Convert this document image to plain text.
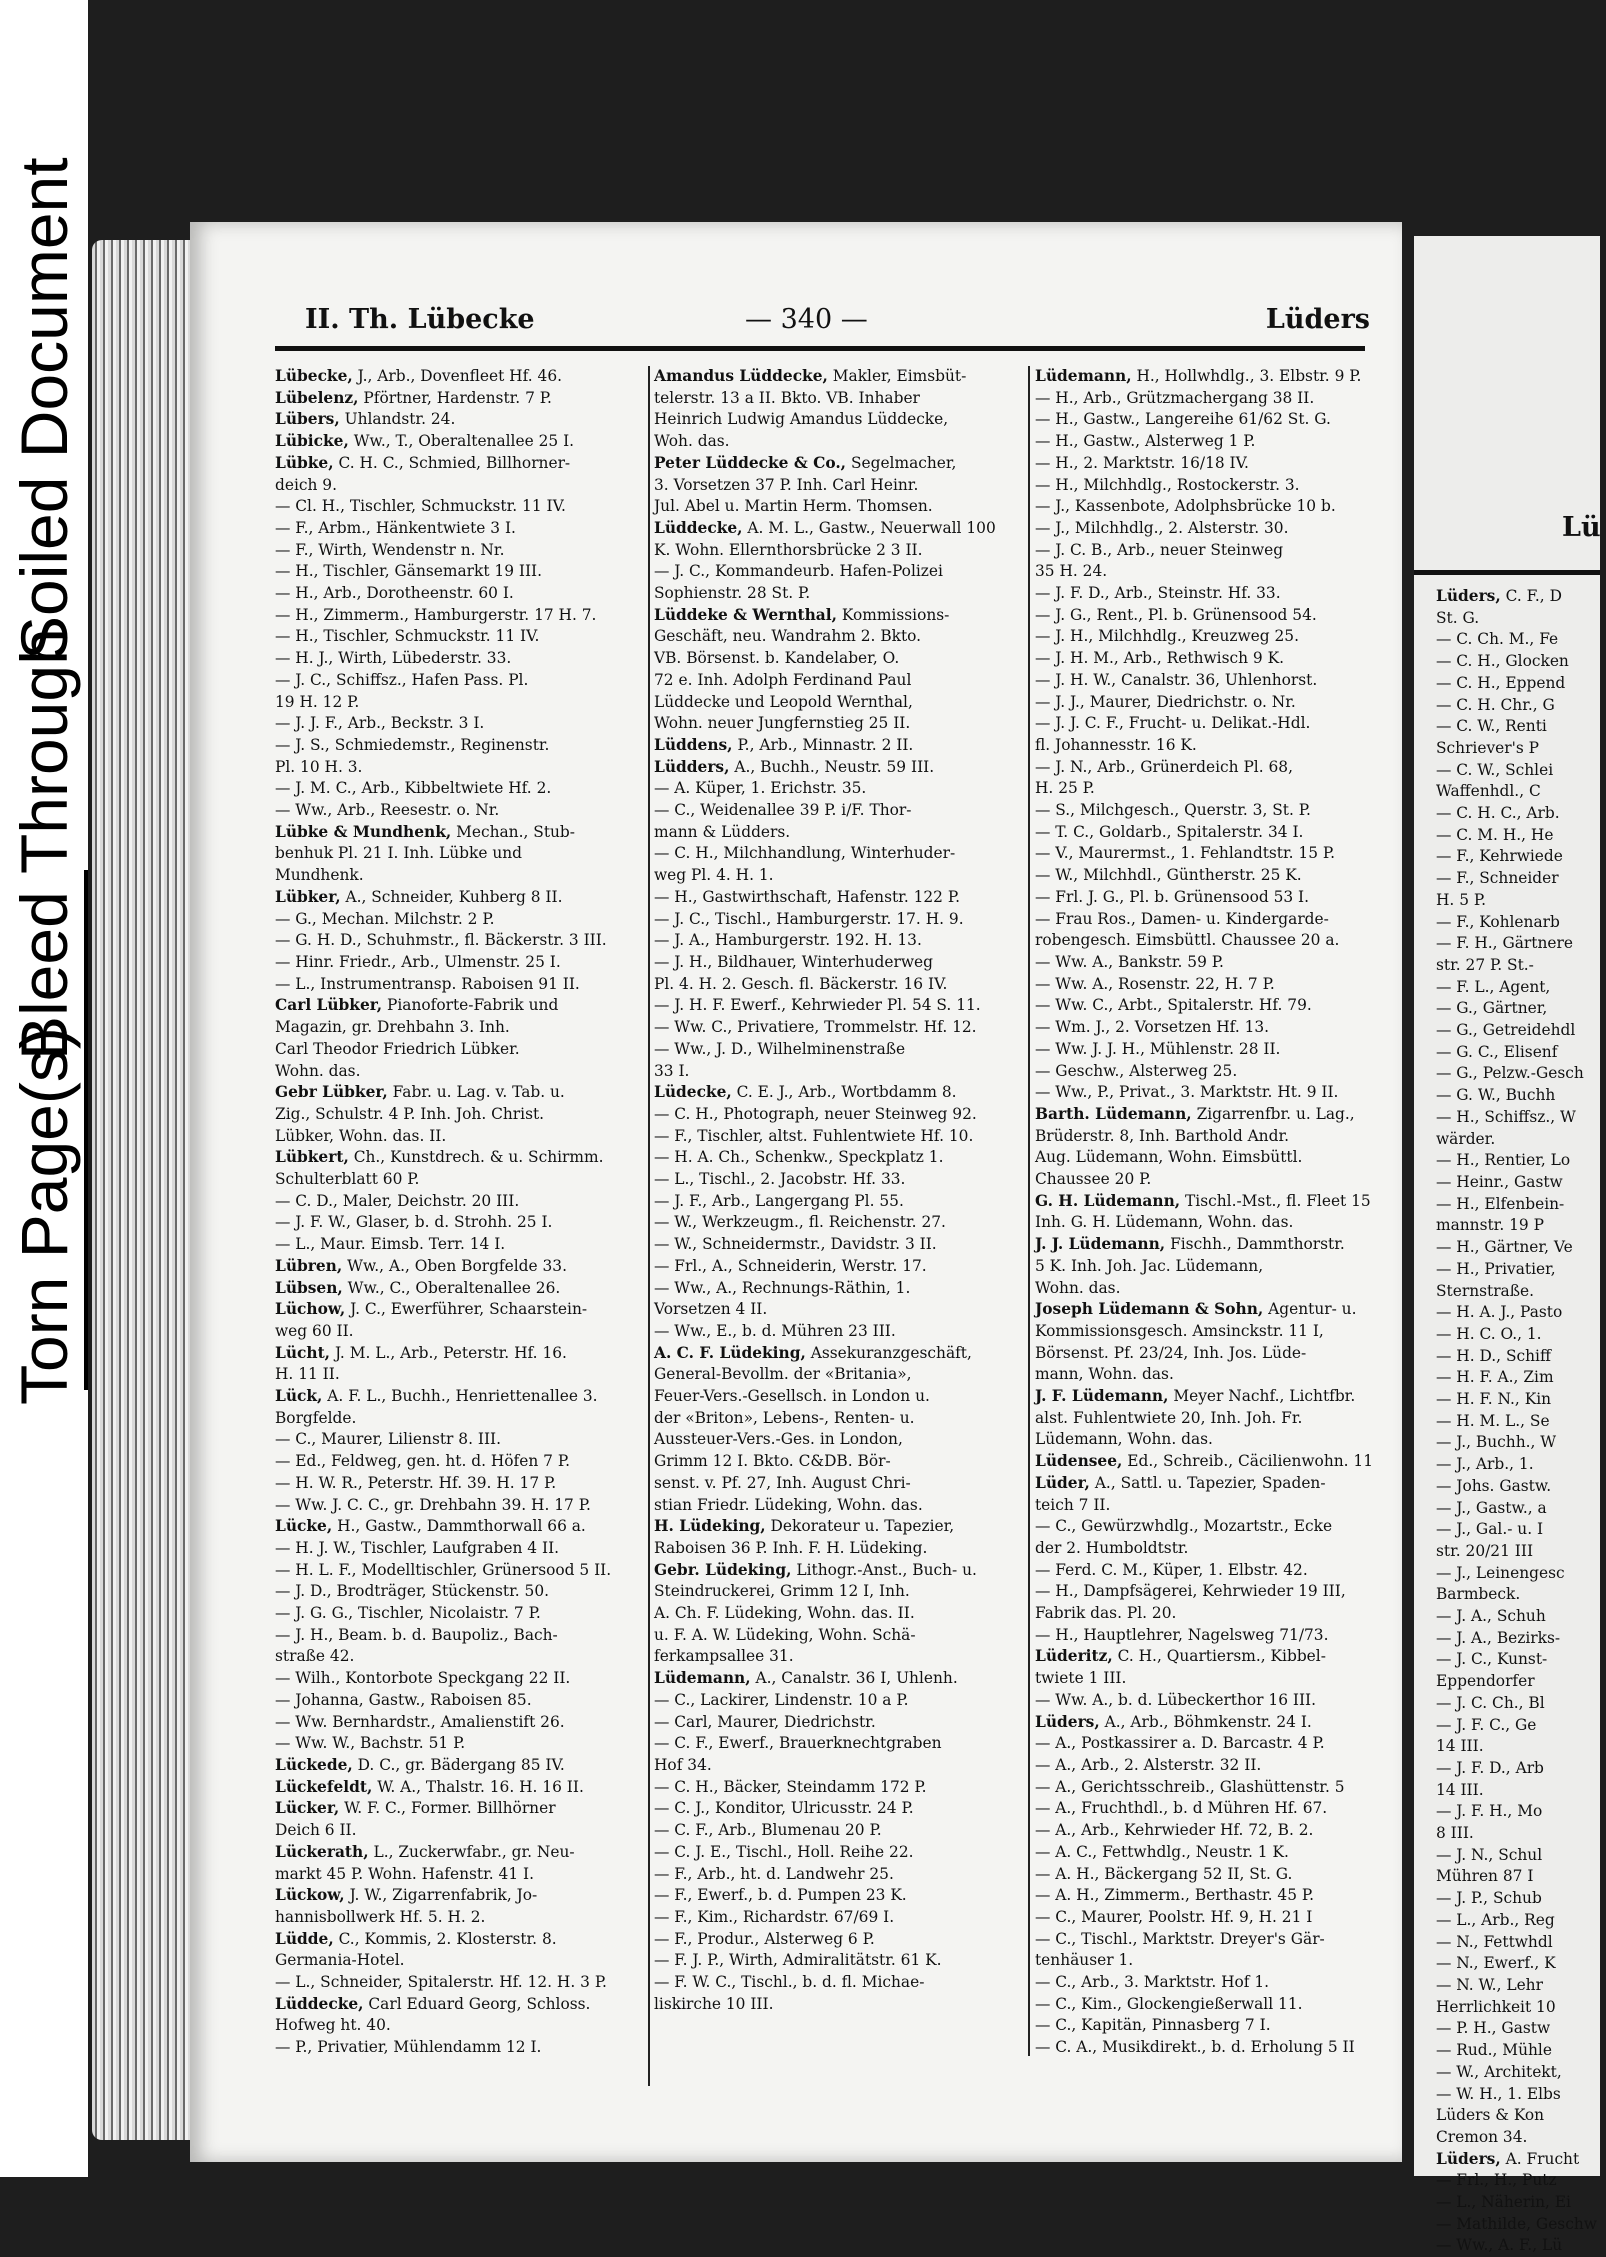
Torn Page(s)
Bleed Through
Soiled Document	II. Th. Lübecke	— 340 —	Lüders
Lübecke, J., Arb., Dovenfleet Hf. 46.
Lübelenz, Pförtner, Hardenstr. 7 P.
Lübers, Uhlandstr. 24.
Lübicke, Ww., T., Oberaltenallee 25 I.
Lübke, C. H. C., Schmied, Billhorner-
deich 9.
— Cl. H., Tischler, Schmuckstr. 11 IV.
— F., Arbm., Hänkentwiete 3 I.
— F., Wirth, Wendenstr n. Nr.
— H., Tischler, Gänsemarkt 19 III.
— H., Arb., Dorotheenstr. 60 I.
— H., Zimmerm., Hamburgerstr. 17 H. 7.
— H., Tischler, Schmuckstr. 11 IV.
— H. J., Wirth, Lübederstr. 33.
— J. C., Schiffsz., Hafen Pass. Pl.
19 H. 12 P.
— J. J. F., Arb., Beckstr. 3 I.
— J. S., Schmiedemstr., Reginenstr.
Pl. 10 H. 3.
— J. M. C., Arb., Kibbeltwiete Hf. 2.
— Ww., Arb., Reesestr. o. Nr.
Lübke & Mundhenk, Mechan., Stub-
benhuk Pl. 21 I. Inh. Lübke und
Mundhenk.
Lübker, A., Schneider, Kuhberg 8 II.
— G., Mechan. Milchstr. 2 P.
— G. H. D., Schuhmstr., fl. Bäckerstr. 3 III.
— Hinr. Friedr., Arb., Ulmenstr. 25 I.
— L., Instrumentransp. Raboisen 91 II.
Carl Lübker, Pianoforte-Fabrik und
Magazin, gr. Drehbahn 3. Inh.
Carl Theodor Friedrich Lübker.
Wohn. das.
Gebr Lübker, Fabr. u. Lag. v. Tab. u.
Zig., Schulstr. 4 P. Inh. Joh. Christ.
Lübker, Wohn. das. II.
Lübkert, Ch., Kunstdrech. & u. Schirmm.
Schulterblatt 60 P.
— C. D., Maler, Deichstr. 20 III.
— J. F. W., Glaser, b. d. Strohh. 25 I.
— L., Maur. Eimsb. Terr. 14 I.
Lübren, Ww., A., Oben Borgfelde 33.
Lübsen, Ww., C., Oberaltenallee 26.
Lüchow, J. C., Ewerführer, Schaarstein-
weg 60 II.
Lücht, J. M. L., Arb., Peterstr. Hf. 16.
H. 11 II.
Lück, A. F. L., Buchh., Henriettenallee 3.
Borgfelde.
— C., Maurer, Lilienstr 8. III.
— Ed., Feldweg, gen. ht. d. Höfen 7 P.
— H. W. R., Peterstr. Hf. 39. H. 17 P.
— Ww. J. C. C., gr. Drehbahn 39. H. 17 P.
Lücke, H., Gastw., Dammthorwall 66 a.
— H. J. W., Tischler, Laufgraben 4 II.
— H. L. F., Modelltischler, Grünersood 5 II.
— J. D., Brodträger, Stückenstr. 50.
— J. G. G., Tischler, Nicolaistr. 7 P.
— J. H., Beam. b. d. Baupoliz., Bach-
straße 42.
— Wilh., Kontorbote Speckgang 22 II.
— Johanna, Gastw., Raboisen 85.
— Ww. Bernhardstr., Amalienstift 26.
— Ww. W., Bachstr. 51 P.
Lückede, D. C., gr. Bädergang 85 IV.
Lückefeldt, W. A., Thalstr. 16. H. 16 II.
Lücker, W. F. C., Former. Billhörner
Deich 6 II.
Lückerath, L., Zuckerwfabr., gr. Neu-
markt 45 P. Wohn. Hafenstr. 41 I.
Lückow, J. W., Zigarrenfabrik, Jo-
hannisbollwerk Hf. 5. H. 2.
Lüdde, C., Kommis, 2. Klosterstr. 8.
Germania-Hotel.
— L., Schneider, Spitalerstr. Hf. 12. H. 3 P.
Lüddecke, Carl Eduard Georg, Schloss.
Hofweg ht. 40.
— P., Privatier, Mühlendamm 12 I.
Amandus Lüddecke, Makler, Eimsbüt-
telerstr. 13 a II. Bkto. VB. Inhaber
Heinrich Ludwig Amandus Lüddecke,
Woh. das.
Peter Lüddecke & Co., Segelmacher,
3. Vorsetzen 37 P. Inh. Carl Heinr.
Jul. Abel u. Martin Herm. Thomsen.
Lüddecke, A. M. L., Gastw., Neuerwall 100
K. Wohn. Ellernthorsbrücke 2 3 II.
— J. C., Kommandeurb. Hafen-Polizei
Sophienstr. 28 St. P.
Lüddeke & Wernthal, Kommissions-
Geschäft, neu. Wandrahm 2. Bkto.
VB. Börsenst. b. Kandelaber, O.
72 e. Inh. Adolph Ferdinand Paul
Lüddecke und Leopold Wernthal,
Wohn. neuer Jungfernstieg 25 II.
Lüddens, P., Arb., Minnastr. 2 II.
Lüdders, A., Buchh., Neustr. 59 III.
— A. Küper, 1. Erichstr. 35.
— C., Weidenallee 39 P. i/F. Thor-
mann & Lüdders.
— C. H., Milchhandlung, Winterhuder-
weg Pl. 4. H. 1.
— H., Gastwirthschaft, Hafenstr. 122 P.
— J. C., Tischl., Hamburgerstr. 17. H. 9.
— J. A., Hamburgerstr. 192. H. 13.
— J. H., Bildhauer, Winterhuderweg
Pl. 4. H. 2. Gesch. fl. Bäckerstr. 16 IV.
— J. H. F. Ewerf., Kehrwieder Pl. 54 S. 11.
— Ww. C., Privatiere, Trommelstr. Hf. 12.
— Ww., J. D., Wilhelminenstraße
33 I.
Lüdecke, C. E. J., Arb., Wortbdamm 8.
— C. H., Photograph, neuer Steinweg 92.
— F., Tischler, altst. Fuhlentwiete Hf. 10.
— H. A. Ch., Schenkw., Speckplatz 1.
— L., Tischl., 2. Jacobstr. Hf. 33.
— J. F., Arb., Langergang Pl. 55.
— W., Werkzeugm., fl. Reichenstr. 27.
— W., Schneidermstr., Davidstr. 3 II.
— Frl., A., Schneiderin, Werstr. 17.
— Ww., A., Rechnungs-Räthin, 1.
Vorsetzen 4 II.
— Ww., E., b. d. Mühren 23 III.
A. C. F. Lüdeking, Assekuranzgeschäft,
General-Bevollm. der «Britania»,
Feuer-Vers.-Gesellsch. in London u.
der «Briton», Lebens-, Renten- u.
Aussteuer-Vers.-Ges. in London,
Grimm 12 I. Bkto. C&DB. Bör-
senst. v. Pf. 27, Inh. August Chri-
stian Friedr. Lüdeking, Wohn. das.
H. Lüdeking, Dekorateur u. Tapezier,
Raboisen 36 P. Inh. F. H. Lüdeking.
Gebr. Lüdeking, Lithogr.-Anst., Buch- u.
Steindruckerei, Grimm 12 I, Inh.
A. Ch. F. Lüdeking, Wohn. das. II.
u. F. A. W. Lüdeking, Wohn. Schä-
ferkampsallee 31.
Lüdemann, A., Canalstr. 36 I, Uhlenh.
— C., Lackirer, Lindenstr. 10 a P.
— Carl, Maurer, Diedrichstr.
— C. F., Ewerf., Brauerknechtgraben
Hof 34.
— C. H., Bäcker, Steindamm 172 P.
— C. J., Konditor, Ulricusstr. 24 P.
— C. F., Arb., Blumenau 20 P.
— C. J. E., Tischl., Holl. Reihe 22.
— F., Arb., ht. d. Landwehr 25.
— F., Ewerf., b. d. Pumpen 23 K.
— F., Kim., Richardstr. 67/69 I.
— F., Produr., Alsterweg 6 P.
— F. J. P., Wirth, Admiralitätstr. 61 K.
— F. W. C., Tischl., b. d. fl. Michae-
liskirche 10 III.
Lüdemann, H., Hollwhdlg., 3. Elbstr. 9 P.
— H., Arb., Grützmachergang 38 II.
— H., Gastw., Langereihe 61/62 St. G.
— H., Gastw., Alsterweg 1 P.
— H., 2. Marktstr. 16/18 IV.
— H., Milchhdlg., Rostockerstr. 3.
— J., Kassenbote, Adolphsbrücke 10 b.
— J., Milchhdlg., 2. Alsterstr. 30.
— J. C. B., Arb., neuer Steinweg
35 H. 24.
— J. F. D., Arb., Steinstr. Hf. 33.
— J. G., Rent., Pl. b. Grünensood 54.
— J. H., Milchhdlg., Kreuzweg 25.
— J. H. M., Arb., Rethwisch 9 K.
— J. H. W., Canalstr. 36, Uhlenhorst.
— J. J., Maurer, Diedrichstr. o. Nr.
— J. J. C. F., Frucht- u. Delikat.-Hdl.
fl. Johannesstr. 16 K.
— J. N., Arb., Grünerdeich Pl. 68,
H. 25 P.
— S., Milchgesch., Querstr. 3, St. P.
— T. C., Goldarb., Spitalerstr. 34 I.
— V., Maurermst., 1. Fehlandtstr. 15 P.
— W., Milchhdl., Güntherstr. 25 K.
— Frl. J. G., Pl. b. Grünensood 53 I.
— Frau Ros., Damen- u. Kindergarde-
robengesch. Eimsbüttl. Chaussee 20 a.
— Ww. A., Bankstr. 59 P.
— Ww. A., Rosenstr. 22, H. 7 P.
— Ww. C., Arbt., Spitalerstr. Hf. 79.
— Wm. J., 2. Vorsetzen Hf. 13.
— Ww. J. J. H., Mühlenstr. 28 II.
— Geschw., Alsterweg 25.
— Ww., P., Privat., 3. Marktstr. Ht. 9 II.
Barth. Lüdemann, Zigarrenfbr. u. Lag.,
Brüderstr. 8, Inh. Barthold Andr.
Aug. Lüdemann, Wohn. Eimsbüttl.
Chaussee 20 P.
G. H. Lüdemann, Tischl.-Mst., fl. Fleet 15
Inh. G. H. Lüdemann, Wohn. das.
J. J. Lüdemann, Fischh., Dammthorstr.
5 K. Inh. Joh. Jac. Lüdemann,
Wohn. das.
Joseph Lüdemann & Sohn, Agentur- u.
Kommissionsgesch. Amsinckstr. 11 I,
Börsenst. Pf. 23/24, Inh. Jos. Lüde-
mann, Wohn. das.
J. F. Lüdemann, Meyer Nachf., Lichtfbr.
alst. Fuhlentwiete 20, Inh. Joh. Fr.
Lüdemann, Wohn. das.
Lüdensee, Ed., Schreib., Cäcilienwohn. 11
Lüder, A., Sattl. u. Tapezier, Spaden-
teich 7 II.
— C., Gewürzwhdlg., Mozartstr., Ecke
der 2. Humboldtstr.
— Ferd. C. M., Küper, 1. Elbstr. 42.
— H., Dampfsägerei, Kehrwieder 19 III,
Fabrik das. Pl. 20.
— H., Hauptlehrer, Nagelsweg 71/73.
Lüderitz, C. H., Quartiersm., Kibbel-
twiete 1 III.
— Ww. A., b. d. Lübeckerthor 16 III.
Lüders, A., Arb., Böhmkenstr. 24 I.
— A., Postkassirer a. D. Barcastr. 4 P.
— A., Arb., 2. Alsterstr. 32 II.
— A., Gerichtsschreib., Glashüttenstr. 5
— A., Fruchthdl., b. d Mühren Hf. 67.
— A., Arb., Kehrwieder Hf. 72, B. 2.
— A. C., Fettwhdlg., Neustr. 1 K.
— A. H., Bäckergang 52 II, St. G.
— A. H., Zimmerm., Berthastr. 45 P.
— C., Maurer, Poolstr. Hf. 9, H. 21 I
— C., Tischl., Marktstr. Dreyer's Gär-
tenhäuser 1.
— C., Arb., 3. Marktstr. Hof 1.
— C., Kim., Glockengießerwall 11.
— C., Kapitän, Pinnasberg 7 I.
— C. A., Musikdirekt., b. d. Erholung 5 II
Lü
Lüders, C. F., D
St. G.
— C. Ch. M., Fe
— C. H., Glocken
— C. H., Eppend
— C. H. Chr., G
— C. W., Renti
Schriever's P
— C. W., Schlei
Waffenhdl., C
— C. H. C., Arb.
— C. M. H., He
— F., Kehrwiede
— F., Schneider
H. 5 P.
— F., Kohlenarb
— F. H., Gärtnere
str. 27 P. St.-
— F. L., Agent,
— G., Gärtner,
— G., Getreidehdl
— G. C., Elisenf
— G., Pelzw.-Gesch
— G. W., Buchh
— H., Schiffsz., W
wärder.
— H., Rentier, Lo
— Heinr., Gastw
— H., Elfenbein-
mannstr. 19 P
— H., Gärtner, Ve
— H., Privatier,
Sternstraße.
— H. A. J., Pasto
— H. C. O., 1.
— H. D., Schiff
— H. F. A., Zim
— H. F. N., Kin
— H. M. L., Se
— J., Buchh., W
— J., Arb., 1.
— Johs. Gastw.
— J., Gastw., a
— J., Gal.- u. I
str. 20/21 III
— J., Leinengesc
Barmbeck.
— J. A., Schuh
— J. A., Bezirks-
— J. C., Kunst-
Eppendorfer
— J. C. Ch., Bl
— J. F. C., Ge
14 III.
— J. F. D., Arb
14 III.
— J. F. H., Mo
8 III.
— J. N., Schul
Mühren 87 I
— J. P., Schub
— L., Arb., Reg
— N., Fettwhdl
— N., Ewerf., K
— N. W., Lehr
Herrlichkeit 10
— P. H., Gastw
— Rud., Mühle
— W., Architekt,
— W. H., 1. Elbs
Lüders & Kon
Cremon 34.
Lüders, A. Frucht
— Frl., H., Putz
— L., Näherin, Ei
— Mathilde, Geschw
— Ww., A. F., Lü
